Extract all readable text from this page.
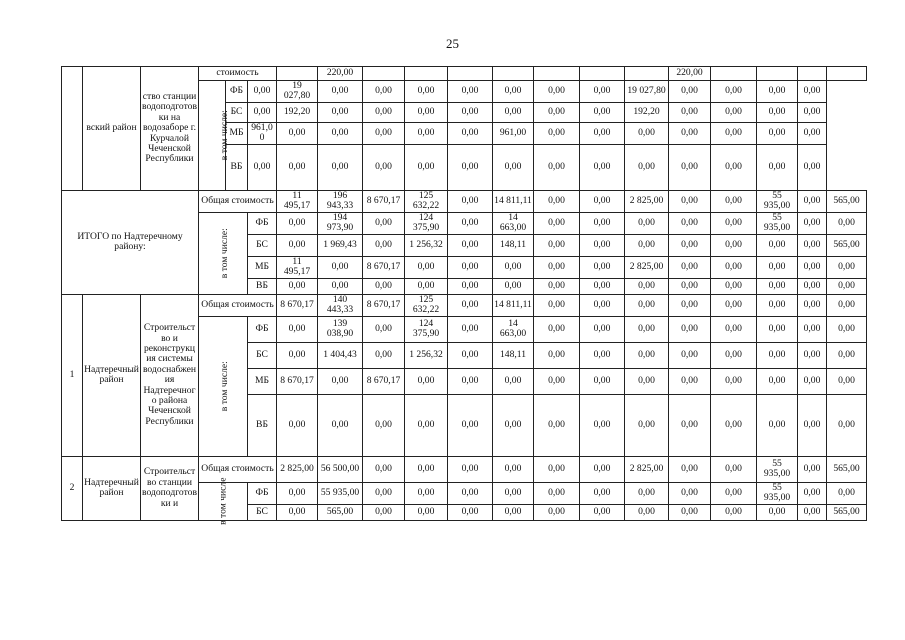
25
	вский район	ство станции водоподготовки на водозаборе г. Курчалой Чеченской Республики	стоимость				220,00								220,00				
			в том числе:	ФБ	0,00	19 027,80	0,00	0,00	0,00	0,00	0,00	0,00	0,00	19 027,80	0,00	0,00	0,00	0,00	
				БС	0,00	192,20	0,00	0,00	0,00	0,00	0,00	0,00	0,00	192,20	0,00	0,00	0,00	0,00	
				МБ	961,00	0,00	0,00	0,00	0,00	0,00	961,00	0,00	0,00	0,00	0,00	0,00	0,00	0,00	
				ВБ	0,00	0,00	0,00	0,00	0,00	0,00	0,00	0,00	0,00	0,00	0,00	0,00	0,00	0,00	

ИТОГО по Надтеречному району:			Общая стоимость			11 495,17	196 943,33	8 670,17	125 632,22	0,00	14 811,11	0,00	0,00	2 825,00	0,00	0,00	55 935,00	0,00	565,00
			в том числе:		ФБ	0,00	194 973,90	0,00	124 375,90	0,00	14 663,00	0,00	0,00	0,00	0,00	0,00	55 935,00	0,00	0,00
					БС	0,00	1 969,43	0,00	1 256,32	0,00	148,11	0,00	0,00	0,00	0,00	0,00	0,00	0,00	565,00
					МБ	11 495,17	0,00	8 670,17	0,00	0,00	0,00	0,00	0,00	2 825,00	0,00	0,00	0,00	0,00	0,00
					ВБ	0,00	0,00	0,00	0,00	0,00	0,00	0,00	0,00	0,00	0,00	0,00	0,00	0,00	0,00
1	Надтеречный район	Строительство и реконструкция системы водоснабжения Надтеречного района Чеченской Республики	Общая стоимость			8 670,17	140 443,33	8 670,17	125 632,22	0,00	14 811,11	0,00	0,00	0,00	0,00	0,00	0,00	0,00	0,00
			в том числе:		ФБ	0,00	139 038,90	0,00	124 375,90	0,00	14 663,00	0,00	0,00	0,00	0,00	0,00	0,00	0,00	0,00
					БС	0,00	1 404,43	0,00	1 256,32	0,00	148,11	0,00	0,00	0,00	0,00	0,00	0,00	0,00	0,00
					МБ	8 670,17	0,00	8 670,17	0,00	0,00	0,00	0,00	0,00	0,00	0,00	0,00	0,00	0,00	0,00
					ВБ	0,00	0,00	0,00	0,00	0,00	0,00	0,00	0,00	0,00	0,00	0,00	0,00	0,00	0,00
2	Надтеречный район	Строительство станции водоподготовки и	Общая стоимость			2 825,00	56 500,00	0,00	0,00	0,00	0,00	0,00	0,00	2 825,00	0,00	0,00	55 935,00	0,00	565,00
			в том числе		ФБ	0,00	55 935,00	0,00	0,00	0,00	0,00	0,00	0,00	0,00	0,00	0,00	55 935,00	0,00	0,00
					БС	0,00	565,00	0,00	0,00	0,00	0,00	0,00	0,00	0,00	0,00	0,00	0,00	0,00	565,00
